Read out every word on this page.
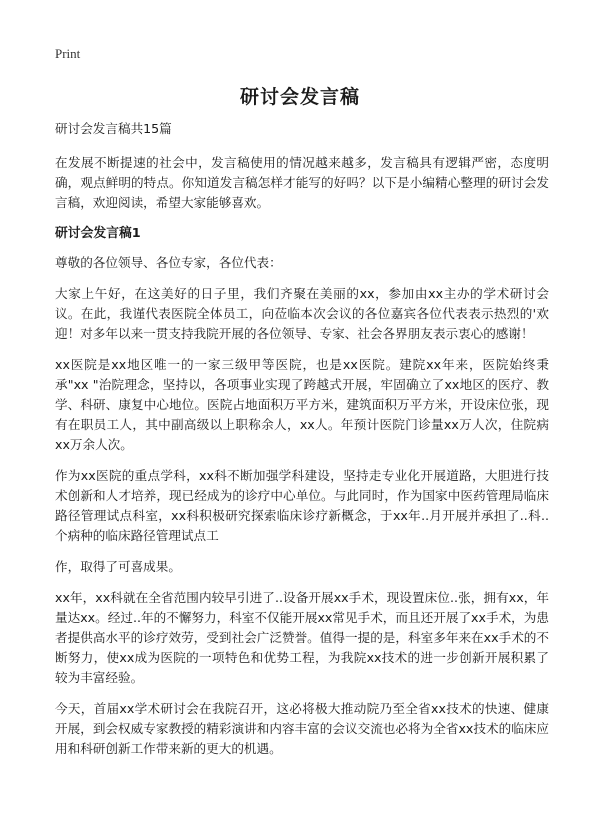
Print
研讨会发言稿

研讨会发言稿共15篇

在发展不断提速的社会中，发言稿使用的情况越来越多，发言稿具有逻辑严密，态度明确，观点鲜明的特点。你知道发言稿怎样才能写的好吗？以下是小编精心整理的研讨会发言稿，欢迎阅读，希望大家能够喜欢。

研讨会发言稿1

尊敬的各位领导、各位专家，各位代表：

大家上午好，在这美好的日子里，我们齐聚在美丽的xx，参加由xx主办的学术研讨会议。在此，我谨代表医院全体员工，向莅临本次会议的各位嘉宾各位代表表示热烈的'欢迎！对多年以来一贯支持我院开展的各位领导、专家、社会各界朋友表示衷心的感谢！

xx医院是xx地区唯一的一家三级甲等医院，也是xx医院。建院xx年来，医院始终秉承"xx "治院理念，坚持以，各项事业实现了跨越式开展，牢固确立了xx地区的医疗、教学、科研、康复中心地位。医院占地面积万平方米，建筑面积万平方米，开设床位张，现有在职员工人，其中副高级以上职称余人，xx人。年预计医院门诊量xx万人次，住院病xx万余人次。

作为xx医院的重点学科，xx科不断加强学科建设，坚持走专业化开展道路，大胆进行技术创新和人才培养，现已经成为的诊疗中心单位。与此同时，作为国家中医药管理局临床路径管理试点科室，xx科积极研究探索临床诊疗新概念，于xx年..月开展并承担了..科..个病种的临床路径管理试点工

作，取得了可喜成果。

xx年，xx科就在全省范围内较早引进了..设备开展xx手术，现设置床位..张，拥有xx，年量达xx。经过..年的不懈努力，科室不仅能开展xx常见手术，而且还开展了xx手术，为患者提供高水平的诊疗效劳，受到社会广泛赞誉。值得一提的是，科室多年来在xx手术的不断努力，使xx成为医院的一项特色和优势工程，为我院xx技术的进一步创新开展积累了较为丰富经验。

今天，首届xx学术研讨会在我院召开，这必将极大推动院乃至全省xx技术的快速、健康开展，到会权威专家教授的精彩演讲和内容丰富的会议交流也必将为全省xx技术的临床应用和科研创新工作带来新的更大的机遇。
